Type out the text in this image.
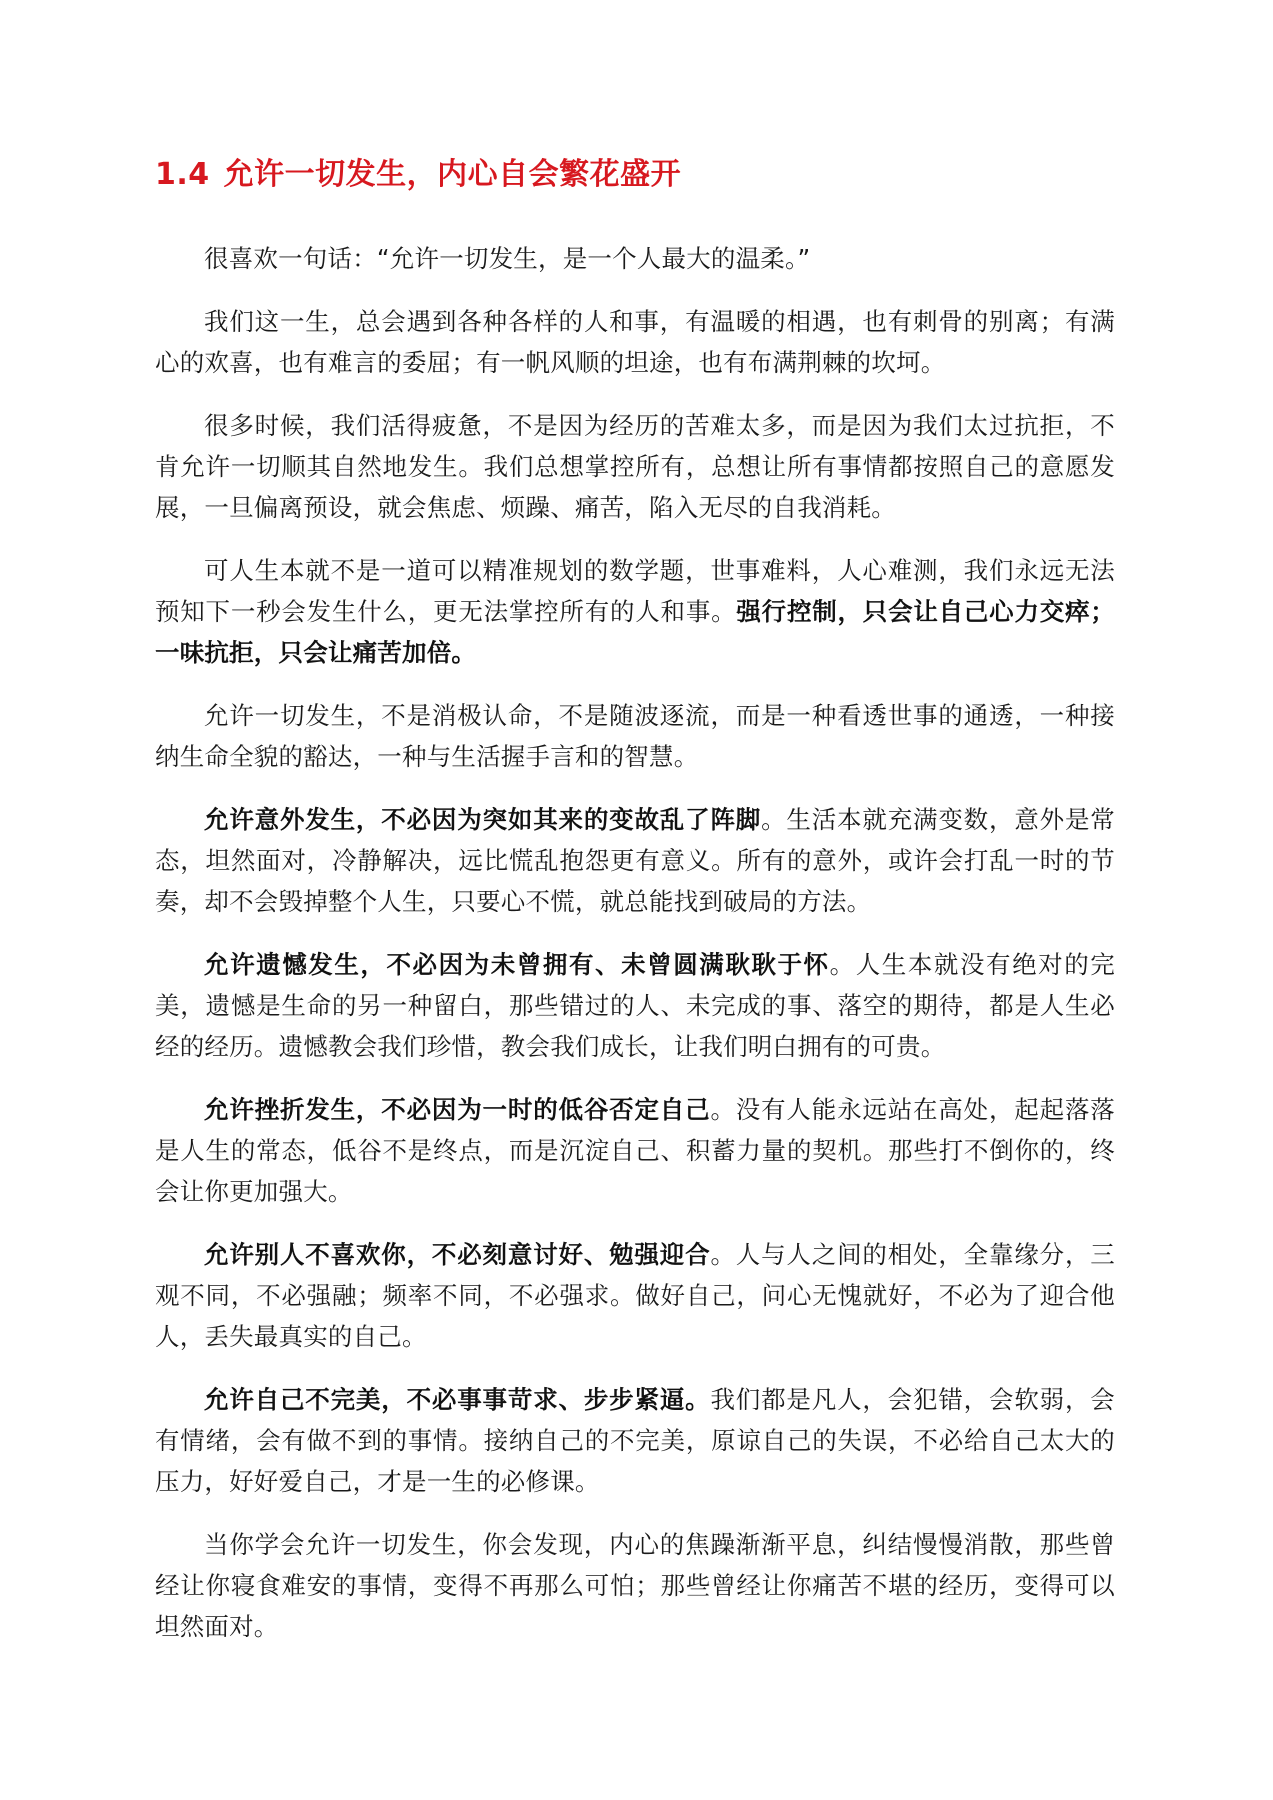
1.4 允许一切发生，内心自会繁花盛开

很喜欢一句话：“允许一切发生，是一个人最大的温柔。”

我们这一生，总会遇到各种各样的人和事，有温暖的相遇，也有刺骨的别离；有满心的欢喜，也有难言的委屈；有一帆风顺的坦途，也有布满荆棘的坎坷。

很多时候，我们活得疲惫，不是因为经历的苦难太多，而是因为我们太过抗拒，不肯允许一切顺其自然地发生。我们总想掌控所有，总想让所有事情都按照自己的意愿发展，一旦偏离预设，就会焦虑、烦躁、痛苦，陷入无尽的自我消耗。

可人生本就不是一道可以精准规划的数学题，世事难料，人心难测，我们永远无法预知下一秒会发生什么，更无法掌控所有的人和事。强行控制，只会让自己心力交瘁；一味抗拒，只会让痛苦加倍。

允许一切发生，不是消极认命，不是随波逐流，而是一种看透世事的通透，一种接纳生命全貌的豁达，一种与生活握手言和的智慧。

允许意外发生，不必因为突如其来的变故乱了阵脚。生活本就充满变数，意外是常态，坦然面对，冷静解决，远比慌乱抱怨更有意义。所有的意外，或许会打乱一时的节奏，却不会毁掉整个人生，只要心不慌，就总能找到破局的方法。

允许遗憾发生，不必因为未曾拥有、未曾圆满耿耿于怀。人生本就没有绝对的完美，遗憾是生命的另一种留白，那些错过的人、未完成的事、落空的期待，都是人生必经的经历。遗憾教会我们珍惜，教会我们成长，让我们明白拥有的可贵。

允许挫折发生，不必因为一时的低谷否定自己。没有人能永远站在高处，起起落落是人生的常态，低谷不是终点，而是沉淀自己、积蓄力量的契机。那些打不倒你的，终会让你更加强大。

允许别人不喜欢你，不必刻意讨好、勉强迎合。人与人之间的相处，全靠缘分，三观不同，不必强融；频率不同，不必强求。做好自己，问心无愧就好，不必为了迎合他人，丢失最真实的自己。

允许自己不完美，不必事事苛求、步步紧逼。我们都是凡人，会犯错，会软弱，会有情绪，会有做不到的事情。接纳自己的不完美，原谅自己的失误，不必给自己太大的压力，好好爱自己，才是一生的必修课。

当你学会允许一切发生，你会发现，内心的焦躁渐渐平息，纠结慢慢消散，那些曾经让你寝食难安的事情，变得不再那么可怕；那些曾经让你痛苦不堪的经历，变得可以坦然面对。
